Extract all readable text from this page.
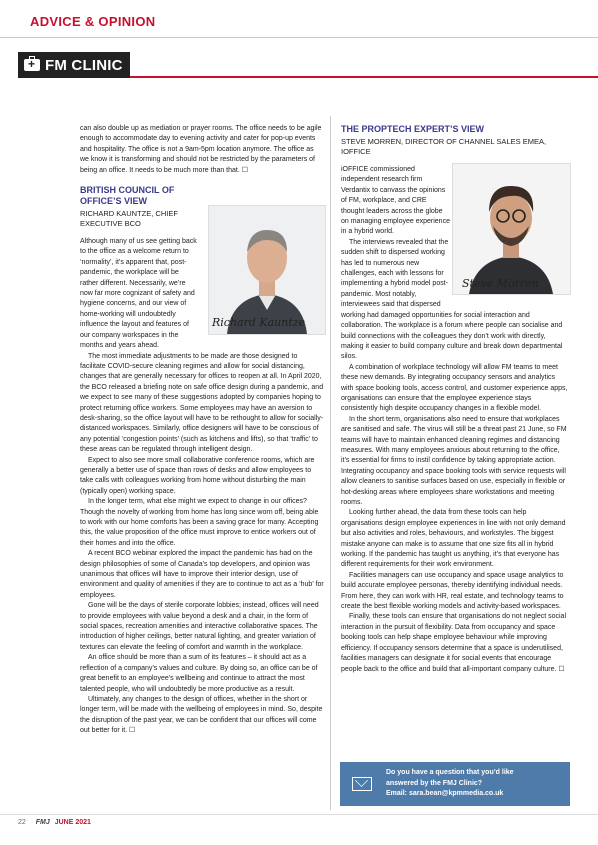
ADVICE & OPINION
+
FM CLINIC

can also double up as mediation or prayer rooms. The office needs to be agile enough to accommodate day to evening activity and cater for pop-up events and hospitality. The office is not a 9am-5pm location anymore. The office as we know it is transforming and should not be restricted by the parameters of being an office. It needs to be much more than that. ☐

BRITISH COUNCIL OF OFFICE’S VIEW
RICHARD KAUNTZE, CHIEF EXECUTIVE BCO

Although many of us see getting back to the office as a welcome return to ‘normality’, it’s apparent that, post-pandemic, the workplace will be rather different. Necessarily, we’re now far more cognizant of safety and hygiene concerns, and our view of home-working will undoubtedly influence the layout and features of our company workspaces in the months and years ahead.

The most immediate adjustments to be made are those designed to facilitate COVID-secure cleaning regimes and allow for social distancing, changes that are generally necessary for offices to reopen at all. In April 2020, the BCO released a briefing note on safe office design during a pandemic, and we expect to see many of these suggestions adopted by companies hoping to protect returning office workers. Some employees may have an aversion to desk-sharing, so the office layout will have to be rethought to allow for socially-distanced workspaces. Similarly, office designers will have to be conscious of any potential ‘congestion points’ (such as kitchens and lifts), so that ‘traffic’ to these areas can be regulated through intelligent design.

Expect to also see more small collaborative conference rooms, which are generally a better use of space than rows of desks and allow employees to take calls with colleagues working from home without disturbing the main (typically open) working space.

In the longer term, what else might we expect to change in our offices? Though the novelty of working from home has long since worn off, being able to work with our home comforts has been a saving grace for many. Accepting this, the value proposition of the office must improve to entice workers out of their homes and into the office.

A recent BCO webinar explored the impact the pandemic has had on the design philosophies of some of Canada’s top developers, and opinion was unanimous that offices will have to improve their interior design, use of environment and quality of amenities if they are to continue to act as a ‘hub’ for employees.

Gone will be the days of sterile corporate lobbies; instead, offices will need to provide employees with value beyond a desk and a chair, in the form of social spaces, recreation amenities and interactive collaborative spaces. The introduction of higher ceilings, better natural lighting, and greater variation of textures can elevate the feeling of comfort and warmth in the workplace.

An office should be more than a sum of its features – it should act as a reflection of a company’s values and culture. By doing so, an office can be of great benefit to an employee’s wellbeing and continue to attract the most talented people, who will undoubtedly be more productive as a result.

Ultimately, any changes to the design of offices, whether in the short or longer term, will be made with the wellbeing of employees in mind. So, despite the disruption of the past year, we can be confident that our offices will come out better for it. ☐

Richard Kauntze
THE PROPTECH EXPERT’S VIEW
STEVE MORREN, DIRECTOR OF CHANNEL SALES EMEA, IOFFICE

iOFFICE commissioned independent research firm Verdantix to canvass the opinions of FM, workplace, and CRE thought leaders across the globe on managing employee experience in a hybrid world.

The interviews revealed that the sudden shift to dispersed working has led to numerous new challenges, each with lessons for implementing a hybrid model post-pandemic. Most notably, interviewees said that dispersed working had damaged opportunities for social interaction and collaboration. The workplace is a forum where people can socialise and build connections with the colleagues they don’t work with directly, making it easier to build company culture and break down departmental silos.

A combination of workplace technology will allow FM teams to meet these new demands. By integrating occupancy sensors and analytics with space booking tools, access control, and customer experience apps, organisations can ensure that the employee experience stays consistently high despite occupancy changes in a flexible model.

In the short term, organisations also need to ensure that workplaces are sanitised and safe. The virus will still be a threat past 21 June, so FM teams will have to maintain enhanced cleaning regimes and distancing measures. With many employees anxious about returning to the office, it’s essential for firms to instil confidence by taking appropriate action. Integrating occupancy and space booking tools with service requests will allow cleaners to sanitise surfaces based on use, especially in flexible or hot-desking areas where employees share workstations and meeting rooms.

Looking further ahead, the data from these tools can help organisations design employee experiences in line with not only demand but also activities and roles, behaviours, and workstyles. The biggest mistake anyone can make is to assume that one size fits all in hybrid working. If the pandemic has taught us anything, it’s that everyone has different requirements for their work environment.

Facilities managers can use occupancy and space usage analytics to build accurate employee personas, thereby identifying individual needs. From here, they can work with HR, real estate, and technology teams to create the best flexible working models and activity-based workspaces.

Finally, these tools can ensure that organisations do not neglect social interaction in the pursuit of flexibility. Data from occupancy and space booking tools can help shape employee behaviour while improving efficiency. If occupancy sensors determine that a space is underutilised, facilities managers can designate it for social events that encourage people back to the office and build that all-important company culture. ☐

Steve Morren
Do you have a question that you’d like
answered by the FMJ Clinic?
Email: sara.bean@kpmmedia.co.uk
22 FMJ JUNE 2021
